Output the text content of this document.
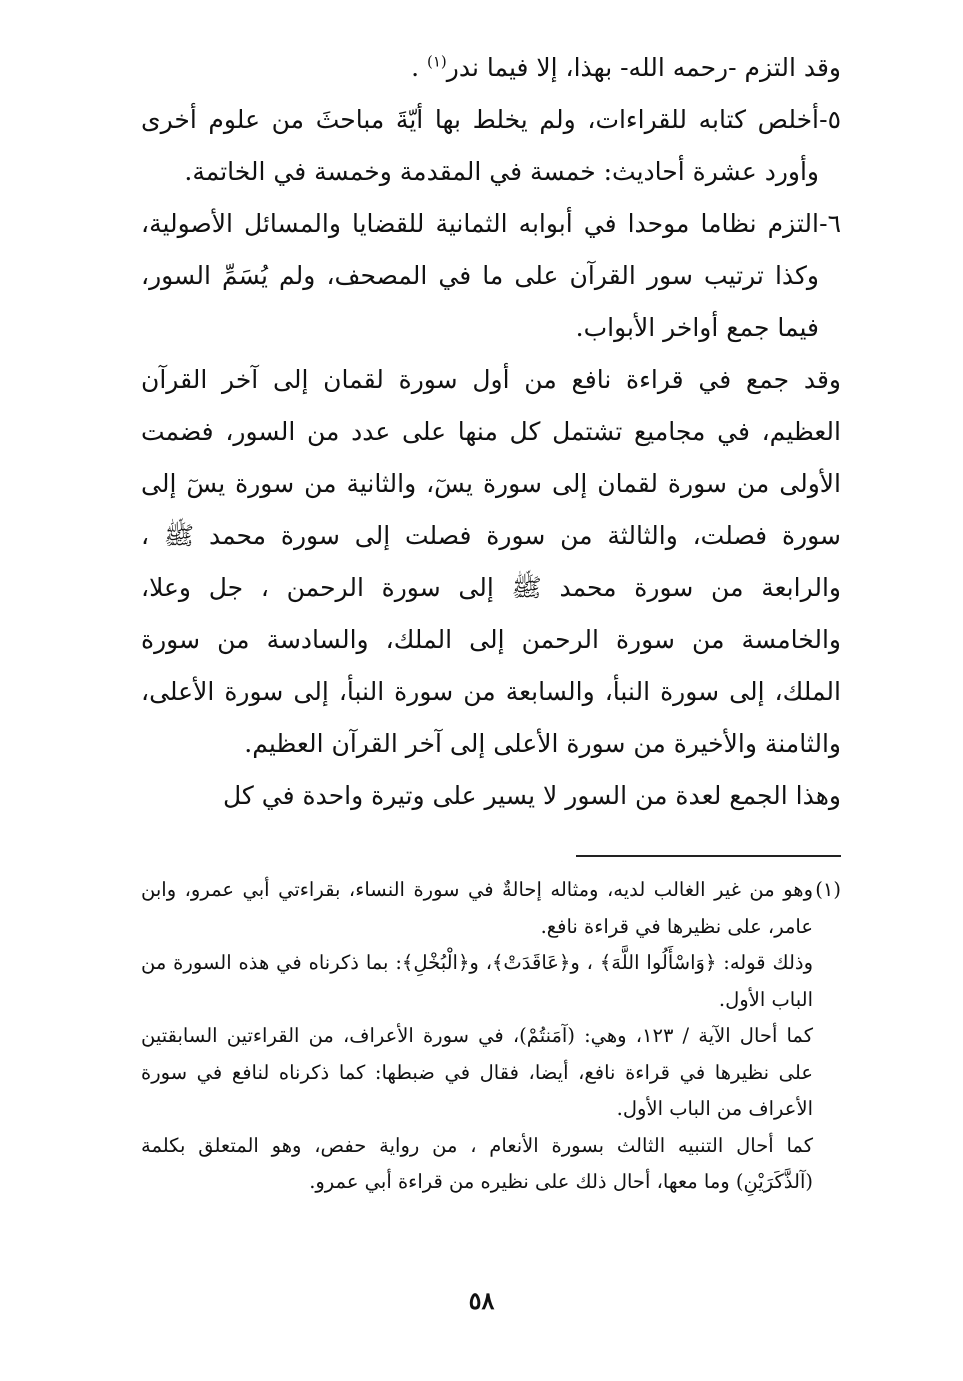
وقد التزم -رحمه الله- بهذا، إلا فيما ندر$^{(١)}$ .

٥-
أخلص كتابه للقراءات، ولم يخلط بها أيّةَ مباحثَ من علوم أخرى وأورد عشرة أحاديث: خمسة في المقدمة وخمسة في الخاتمة.
٦-
التزم نظاما موحدا في أبوابه الثمانية للقضايا والمسائل الأصولية، وكذا ترتيب سور القرآن على ما في المصحف، ولم يُسَمِّ السور، فيما جمع أواخر الأبواب.

وقد جمع في قراءة نافع من أول سورة لقمان إلى آخر القرآن العظيم، في مجاميع تشتمل كل منها على عدد من السور، فضمت الأولى من سورة لقمان إلى سورة يسٓ، والثانية من سورة يسٓ إلى سورة فصلت، والثالثة من سورة فصلت إلى سورة محمد ﷺ ، والرابعة من سورة محمد ﷺ إلى سورة الرحمن ، جل وعلا، والخامسة من سورة الرحمن إلى الملك، والسادسة من سورة الملك، إلى سورة النبأ، والسابعة من سورة النبأ، إلى سورة الأعلى، والثامنة والأخيرة من سورة الأعلى إلى آخر القرآن العظيم.

وهذا الجمع لعدة من السور لا يسير على وتيرة واحدة في كل

(١)
وهو من غير الغالب لديه، ومثاله إحالةٌ في سورة النساء، بقراءتي أبي عمرو، وابن عامر، على نظيرها في قراءة نافع.

وذلك قوله: ﴿وَاسْأَلُوا اللَّهَ﴾ ، و﴿عَاقَدَتْ﴾، و﴿الْبُخْلِ﴾: بما ذكرناه في هذه السورة من الباب الأول.

كما أحال الآية / ١٢٣، وهي: (آمَنتُمْ)، في سورة الأعراف، من القراءتين السابقتين على نظيرها في قراءة نافع، أيضا، فقال في ضبطها: كما ذكرناه لنافع في سورة الأعراف من الباب الأول.

كما أحال التنبيه الثالث بسورة الأنعام ، من رواية حفص، وهو المتعلق بكلمة (آلذَّكَرَيْنِ) وما معها، أحال ذلك على نظيره من قراءة أبي عمرو.

٥٨
